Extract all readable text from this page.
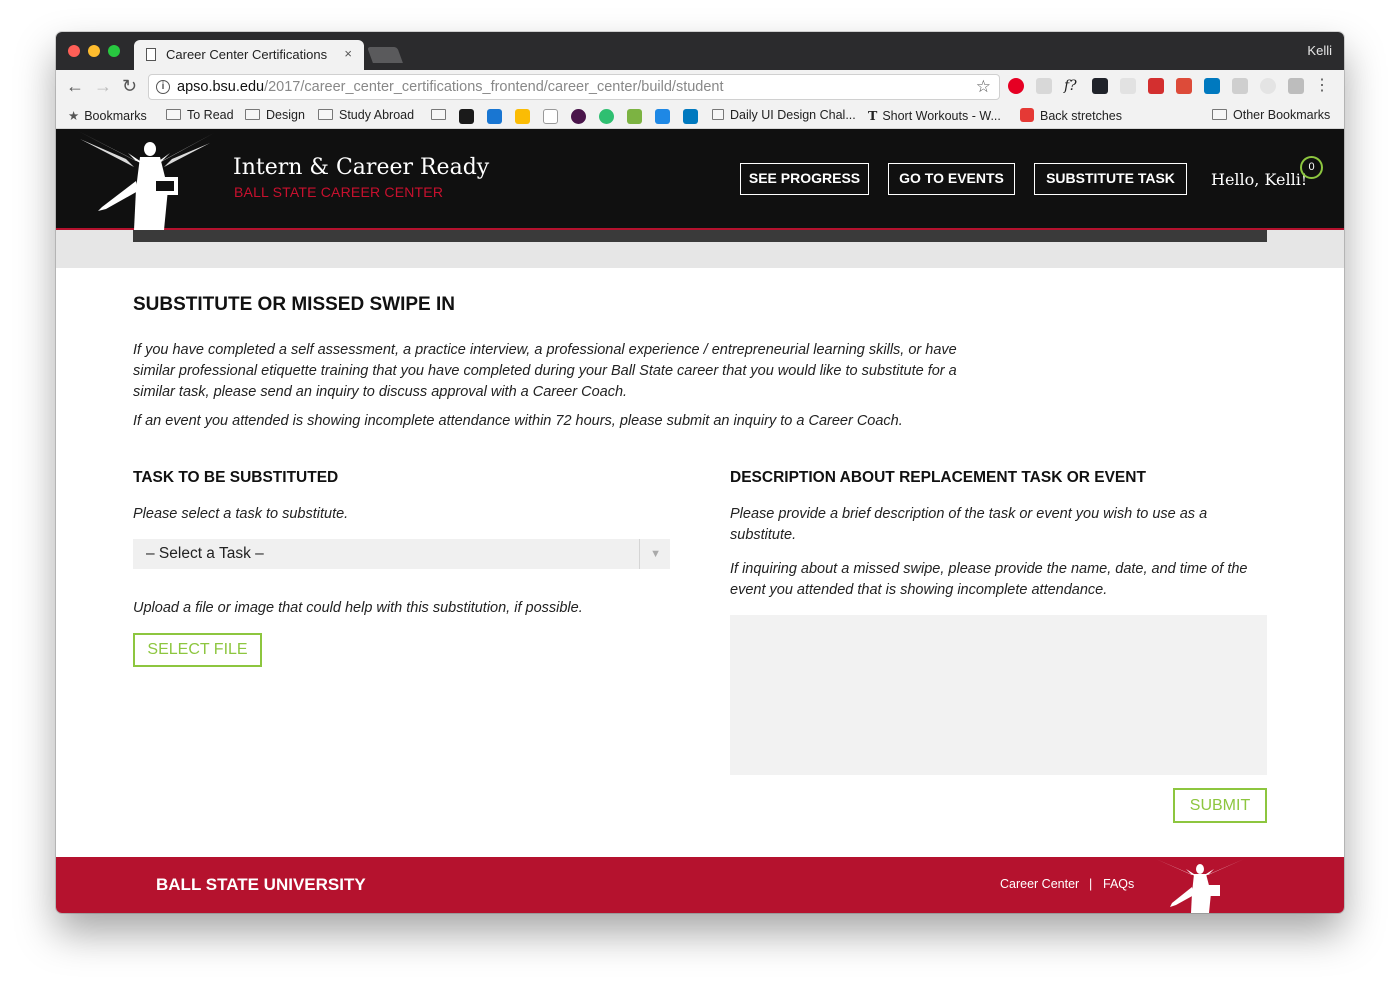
Career Center Certifications ×	Kelli
← → ↻	i apso.bsu.edu/2017/career_center_certifications_frontend/career_center/build/student	☆	f?	⋮
★ Bookmarks	To Read	Design	Study Abroad	Daily UI Design Chal... T Short Workouts - W...	Back stretches	Other Bookmarks
Intern & Career Ready
BALL STATE CAREER CENTER
SEE PROGRESS	GO TO EVENTS	SUBSTITUTE TASK	Hello, Kelli!
0
SUBSTITUTE OR MISSED SWIPE IN

If you have completed a self assessment, a practice interview, a professional experience / entrepreneurial learning skills, or have similar professional etiquette training that you have completed during your Ball State career that you would like to substitute for a similar task, please send an inquiry to discuss approval with a Career Coach.

If an event you attended is showing incomplete attendance within 72 hours, please submit an inquiry to a Career Coach.

TASK TO BE SUBSTITUTED

Please select a task to substitute.

– Select a Task –	▼

Upload a file or image that could help with this substitution, if possible.

SELECT FILE
DESCRIPTION ABOUT REPLACEMENT TASK OR EVENT

Please provide a brief description of the task or event you wish to use as a substitute.

If inquiring about a missed swipe, please provide the name, date, and time of the event you attended that is showing incomplete attendance.

SUBMIT
BALL STATE UNIVERSITY	Career Center | FAQs
